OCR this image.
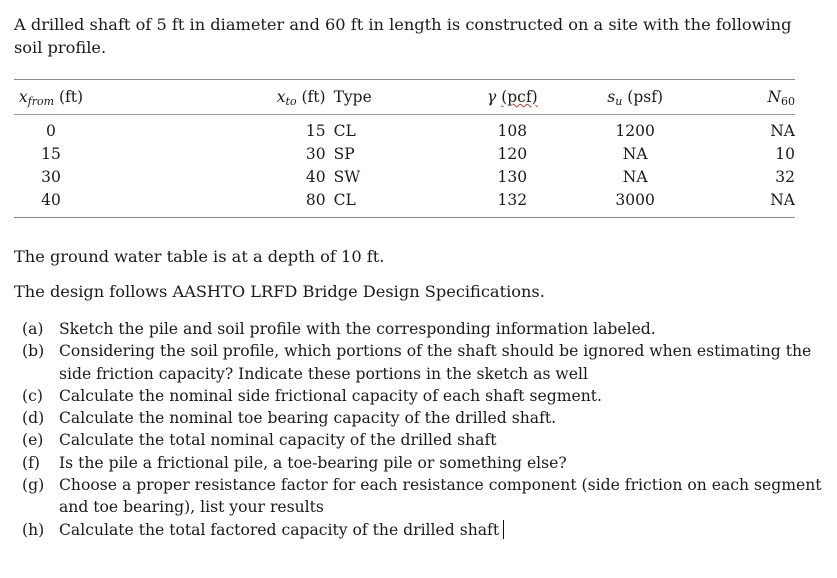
A drilled shaft of 5 ft in diameter and 60 ft in length is constructed on a site with the following soil profile.

xfrom (ft)		xto (ft)	Type		γ (pcf)		su (psf)		N60
0		15	CL		108		1200		NA
15		30	SP		120		NA		10
30		40	SW		130		NA		32
40		80	CL		132		3000		NA

The ground water table is at a depth of 10 ft.

The design follows AASHTO LRFD Bridge Design Specifications.

(a) Sketch the pile and soil profile with the corresponding information labeled.
(b) Considering the soil profile, which portions of the shaft should be ignored when estimating the side friction capacity? Indicate these portions in the sketch as well
(c)	Calculate the nominal side frictional capacity of each shaft segment.
(d) Calculate the nominal toe bearing capacity of the drilled shaft.
(e) Calculate the total nominal capacity of the drilled shaft
(f)	Is the pile a frictional pile, a toe-bearing pile or something else?
(g) Choose a proper resistance factor for each resistance component (side friction on each segment and toe bearing), list your results
(h) Calculate the total factored capacity of the drilled shaft
